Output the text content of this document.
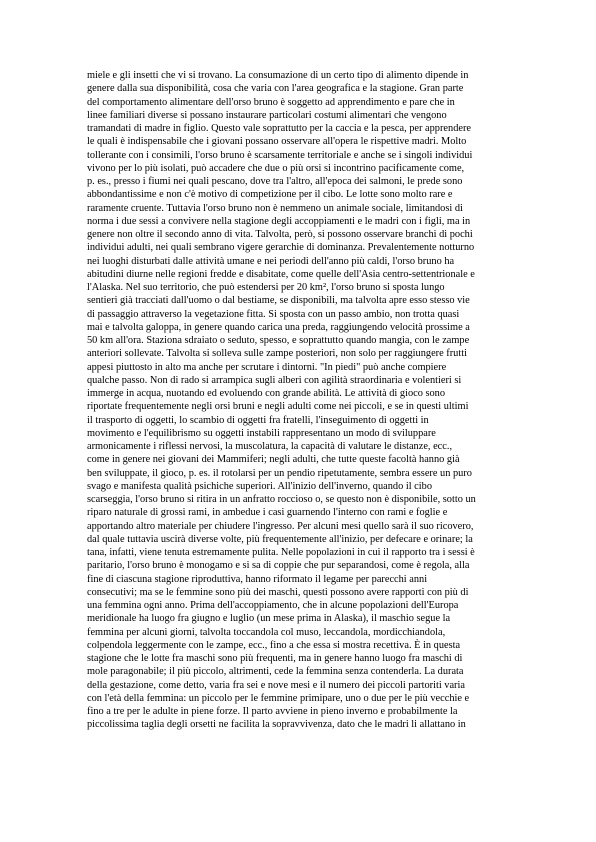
miele e gli insetti che vi si trovano. La consumazione di un certo tipo di alimento dipende in
genere dalla sua disponibilità, cosa che varia con l'area geografica e la stagione. Gran parte
del comportamento alimentare dell'orso bruno è soggetto ad apprendimento e pare che in
linee familiari diverse si possano instaurare particolari costumi alimentari che vengono
tramandati di madre in figlio. Questo vale soprattutto per la caccia e la pesca, per apprendere
le quali è indispensabile che i giovani possano osservare all'opera le rispettive madri. Molto
tollerante con i consimili, l'orso bruno è scarsamente territoriale e anche se i singoli individui
vivono per lo più isolati, può accadere che due o più orsi si incontrino pacificamente come,
p. es., presso i fiumi nei quali pescano, dove tra l'altro, all'epoca dei salmoni, le prede sono
abbondantissime e non c'è motivo di competizione per il cibo. Le lotte sono molto rare e
raramente cruente. Tuttavia l'orso bruno non è nemmeno un animale sociale, limitandosi di
norma i due sessi a convivere nella stagione degli accoppiamenti e le madri con i figli, ma in
genere non oltre il secondo anno di vita. Talvolta, però, si possono osservare branchi di pochi
individui adulti, nei quali sembrano vigere gerarchie di dominanza. Prevalentemente notturno
nei luoghi disturbati dalle attività umane e nei periodi dell'anno più caldi, l'orso bruno ha
abitudini diurne nelle regioni fredde e disabitate, come quelle dell'Asia centro-settentrionale e
l'Alaska. Nel suo territorio, che può estendersi per 20 km², l'orso bruno si sposta lungo
sentieri già tracciati dall'uomo o dal bestiame, se disponibili, ma talvolta apre esso stesso vie
di passaggio attraverso la vegetazione fitta. Si sposta con un passo ambio, non trotta quasi
mai e talvolta galoppa, in genere quando carica una preda, raggiungendo velocità prossime a
50 km all'ora. Staziona sdraiato o seduto, spesso, e soprattutto quando mangia, con le zampe
anteriori sollevate. Talvolta si solleva sulle zampe posteriori, non solo per raggiungere frutti
appesi piuttosto in alto ma anche per scrutare i dintorni. "In piedi" può anche compiere
qualche passo. Non di rado si arrampica sugli alberi con agilità straordinaria e volentieri si
immerge in acqua, nuotando ed evoluendo con grande abilità. Le attività di gioco sono
riportate frequentemente negli orsi bruni e negli adulti come nei piccoli, e se in questi ultimi
il trasporto di oggetti, lo scambio di oggetti fra fratelli, l'inseguimento di oggetti in
movimento e l'equilibrismo su oggetti instabili rappresentano un modo di sviluppare
armonicamente i riflessi nervosi, la muscolatura, la capacità di valutare le distanze, ecc.,
come in genere nei giovani dei Mammiferi; negli adulti, che tutte queste facoltà hanno già
ben sviluppate, il gioco, p. es. il rotolarsi per un pendio ripetutamente, sembra essere un puro
svago e manifesta qualità psichiche superiori. All'inizio dell'inverno, quando il cibo
scarseggia, l'orso bruno si ritira in un anfratto roccioso o, se questo non è disponibile, sotto un
riparo naturale di grossi rami, in ambedue i casi guarnendo l'interno con rami e foglie e
apportando altro materiale per chiudere l'ingresso. Per alcuni mesi quello sarà il suo ricovero,
dal quale tuttavia uscirà diverse volte, più frequentemente all'inizio, per defecare e orinare; la
tana, infatti, viene tenuta estremamente pulita. Nelle popolazioni in cui il rapporto tra i sessi è
paritario, l'orso bruno è monogamo e si sa di coppie che pur separandosi, come è regola, alla
fine di ciascuna stagione riproduttiva, hanno riformato il legame per parecchi anni
consecutivi; ma se le femmine sono più dei maschi, questi possono avere rapporti con più di
una femmina ogni anno. Prima dell'accoppiamento, che in alcune popolazioni dell'Europa
meridionale ha luogo fra giugno e luglio (un mese prima in Alaska), il maschio segue la
femmina per alcuni giorni, talvolta toccandola col muso, leccandola, mordicchiandola,
colpendola leggermente con le zampe, ecc., fino a che essa si mostra recettiva. È in questa
stagione che le lotte fra maschi sono più frequenti, ma in genere hanno luogo fra maschi di
mole paragonabile; il più piccolo, altrimenti, cede la femmina senza contenderla. La durata
della gestazione, come detto, varia fra sei e nove mesi e il numero dei piccoli partoriti varia
con l'età della femmina: un piccolo per le femmine primipare, uno o due per le più vecchie e
fino a tre per le adulte in piene forze. Il parto avviene in pieno inverno e probabilmente la
piccolissima taglia degli orsetti ne facilita la sopravvivenza, dato che le madri li allattano in
